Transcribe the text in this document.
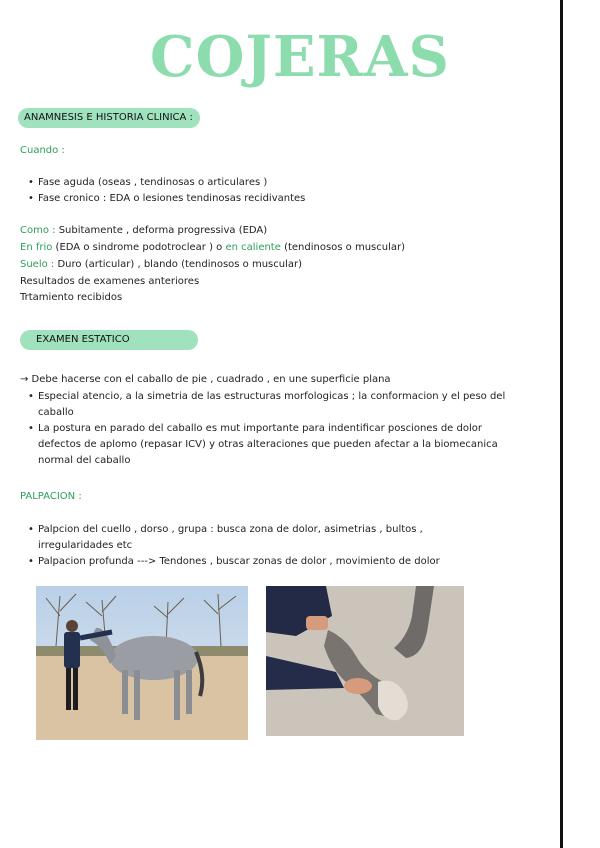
COJERAS
ANAMNESIS E HISTORIA CLINICA :
Cuando :
• Fase aguda (oseas , tendinosas o articulares )
• Fase cronico : EDA o lesiones tendinosas recidivantes
Como : Subitamente , deforma progressiva (EDA)
En frio (EDA o sindrome podotroclear ) o en caliente (tendinosos o muscular)
Suelo : Duro (articular) , blando (tendinosos o muscular)
Resultados de examenes anteriores
Trtamiento recibidos
EXAMEN ESTATICO
→ Debe hacerse con el caballo de pie , cuadrado , en une superficie plana
• Especial atencio, a la simetria de las estructuras morfologicas ; la conformacion y el peso del caballo
• La postura en parado del caballo es mut importante para indentificar posciones de dolor defectos de aplomo (repasar ICV) y otras alteraciones que pueden afectar a la biomecanica normal del caballo
PALPACION :
• Palpcion del cuello , dorso , grupa : busca zona de dolor, asimetrias , bultos , irregularidades etc
• Palpacion profunda ---> Tendones , buscar zonas de dolor , movimiento de dolor
